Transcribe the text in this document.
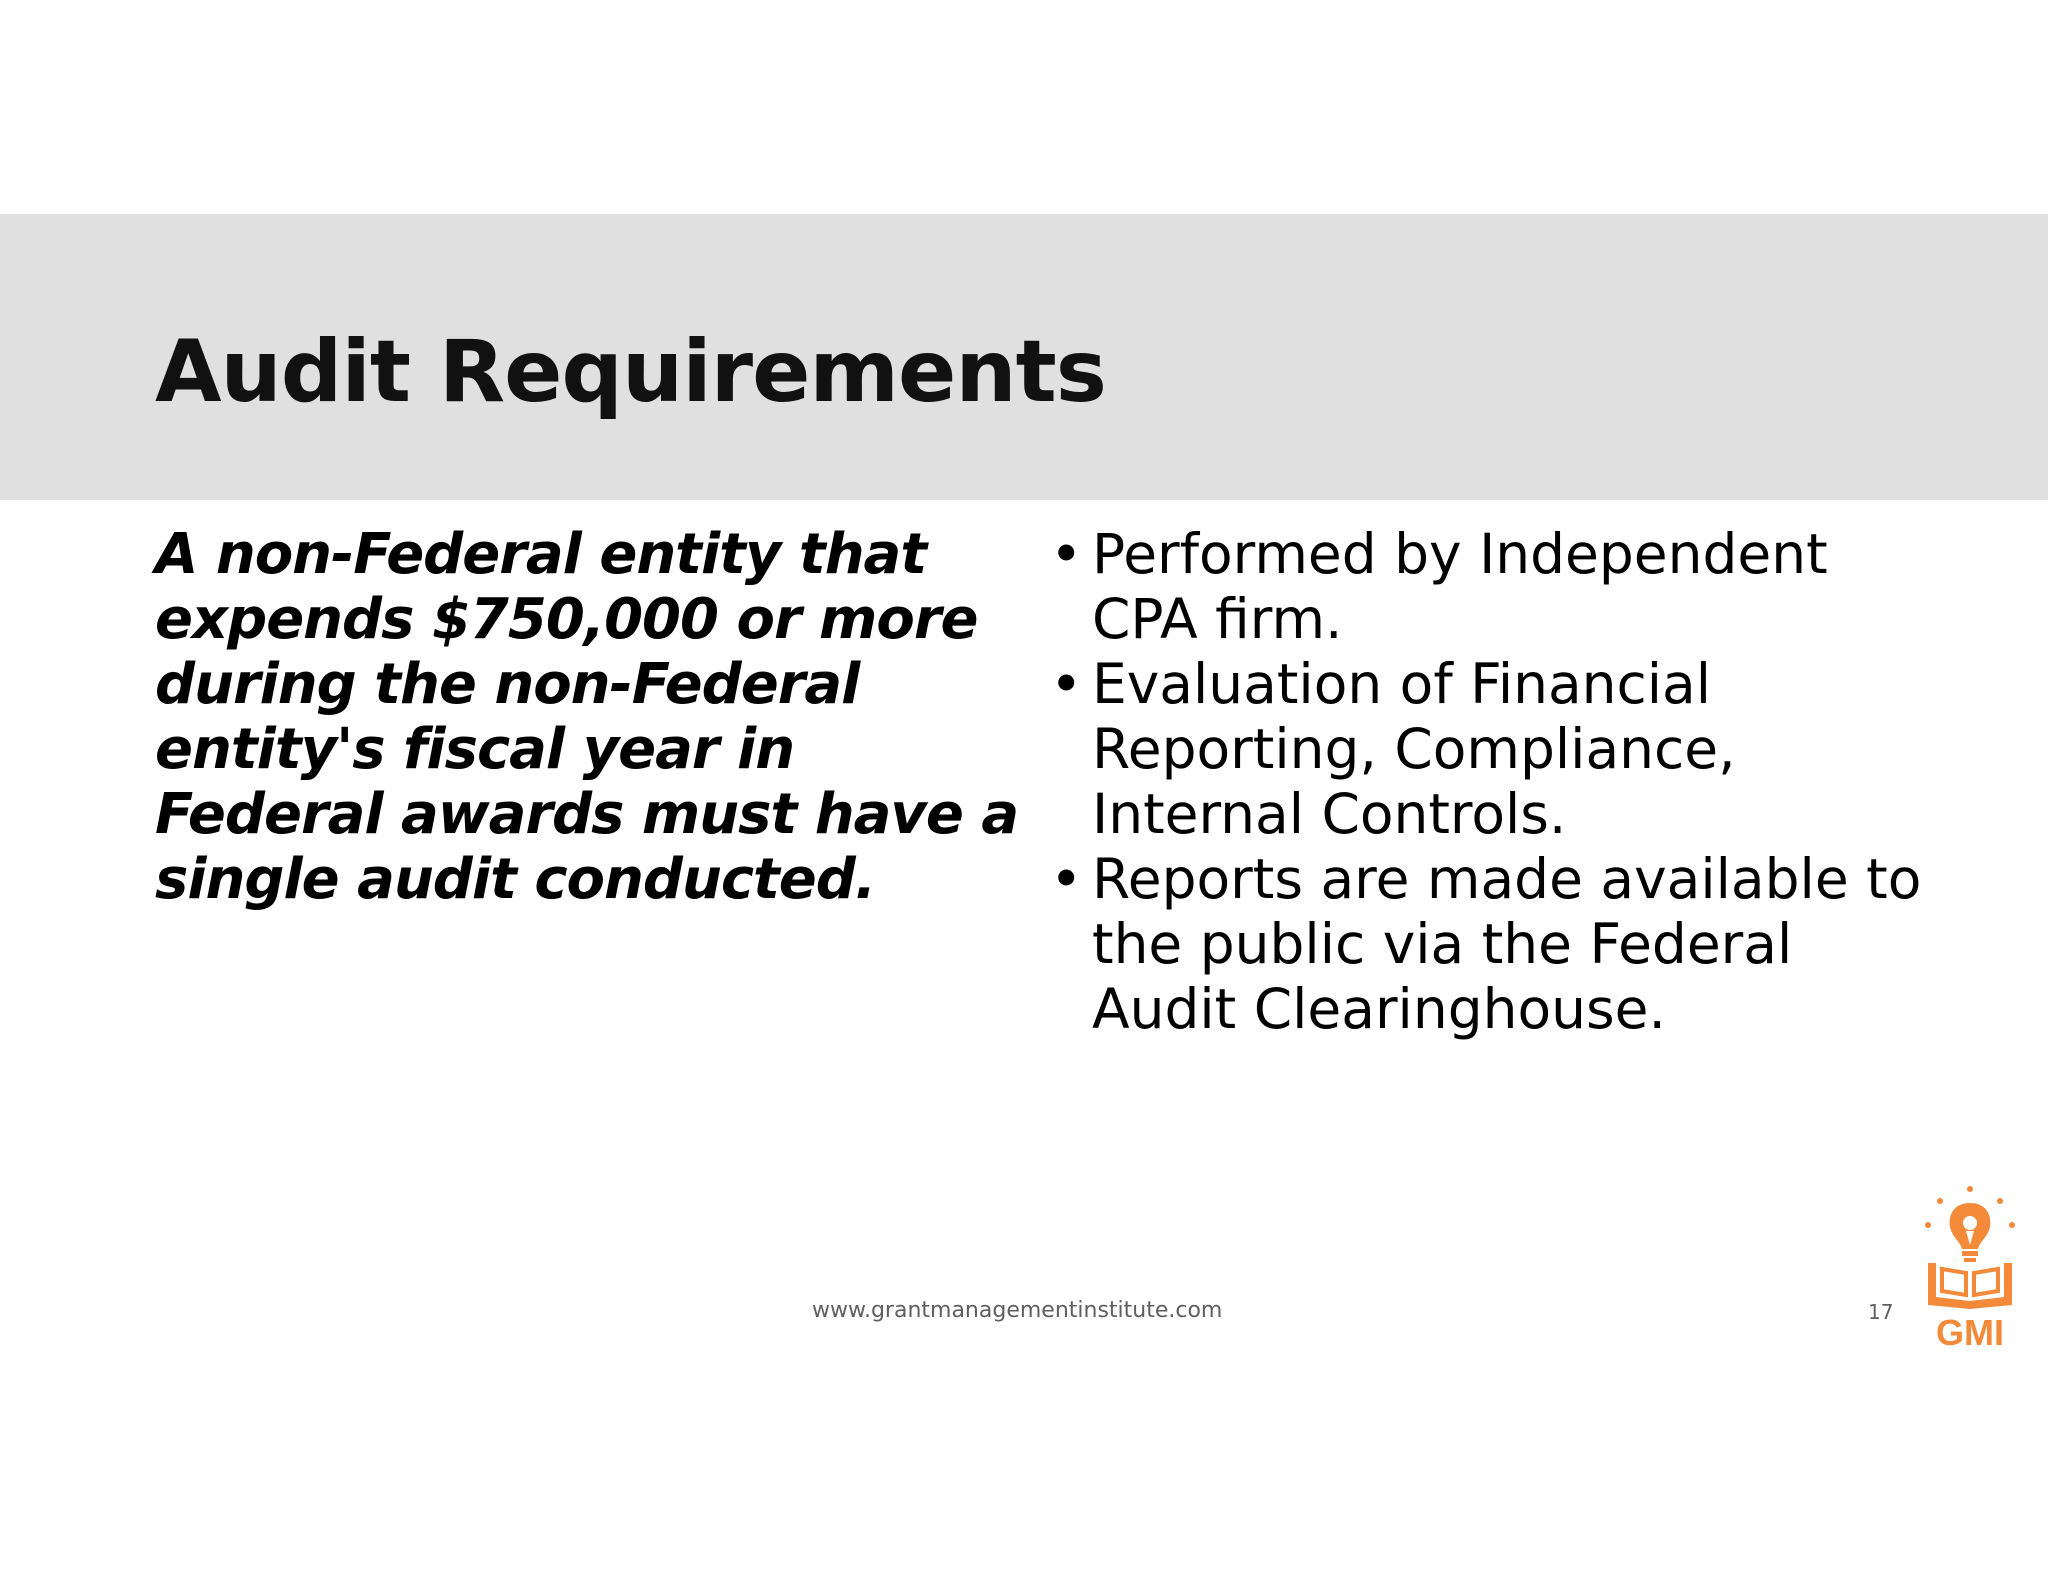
Audit Requirements

A non-Federal entity that expends $750,000 or more during the non-Federal entity's fiscal year in Federal awards must have a single audit conducted.

• Performed by Independent CPA firm.
• Evaluation of Financial Reporting, Compliance, Internal Controls.
• Reports are made available to the public via the Federal Audit Clearinghouse.
www.grantmanagementinstitute.com	17 GMI
